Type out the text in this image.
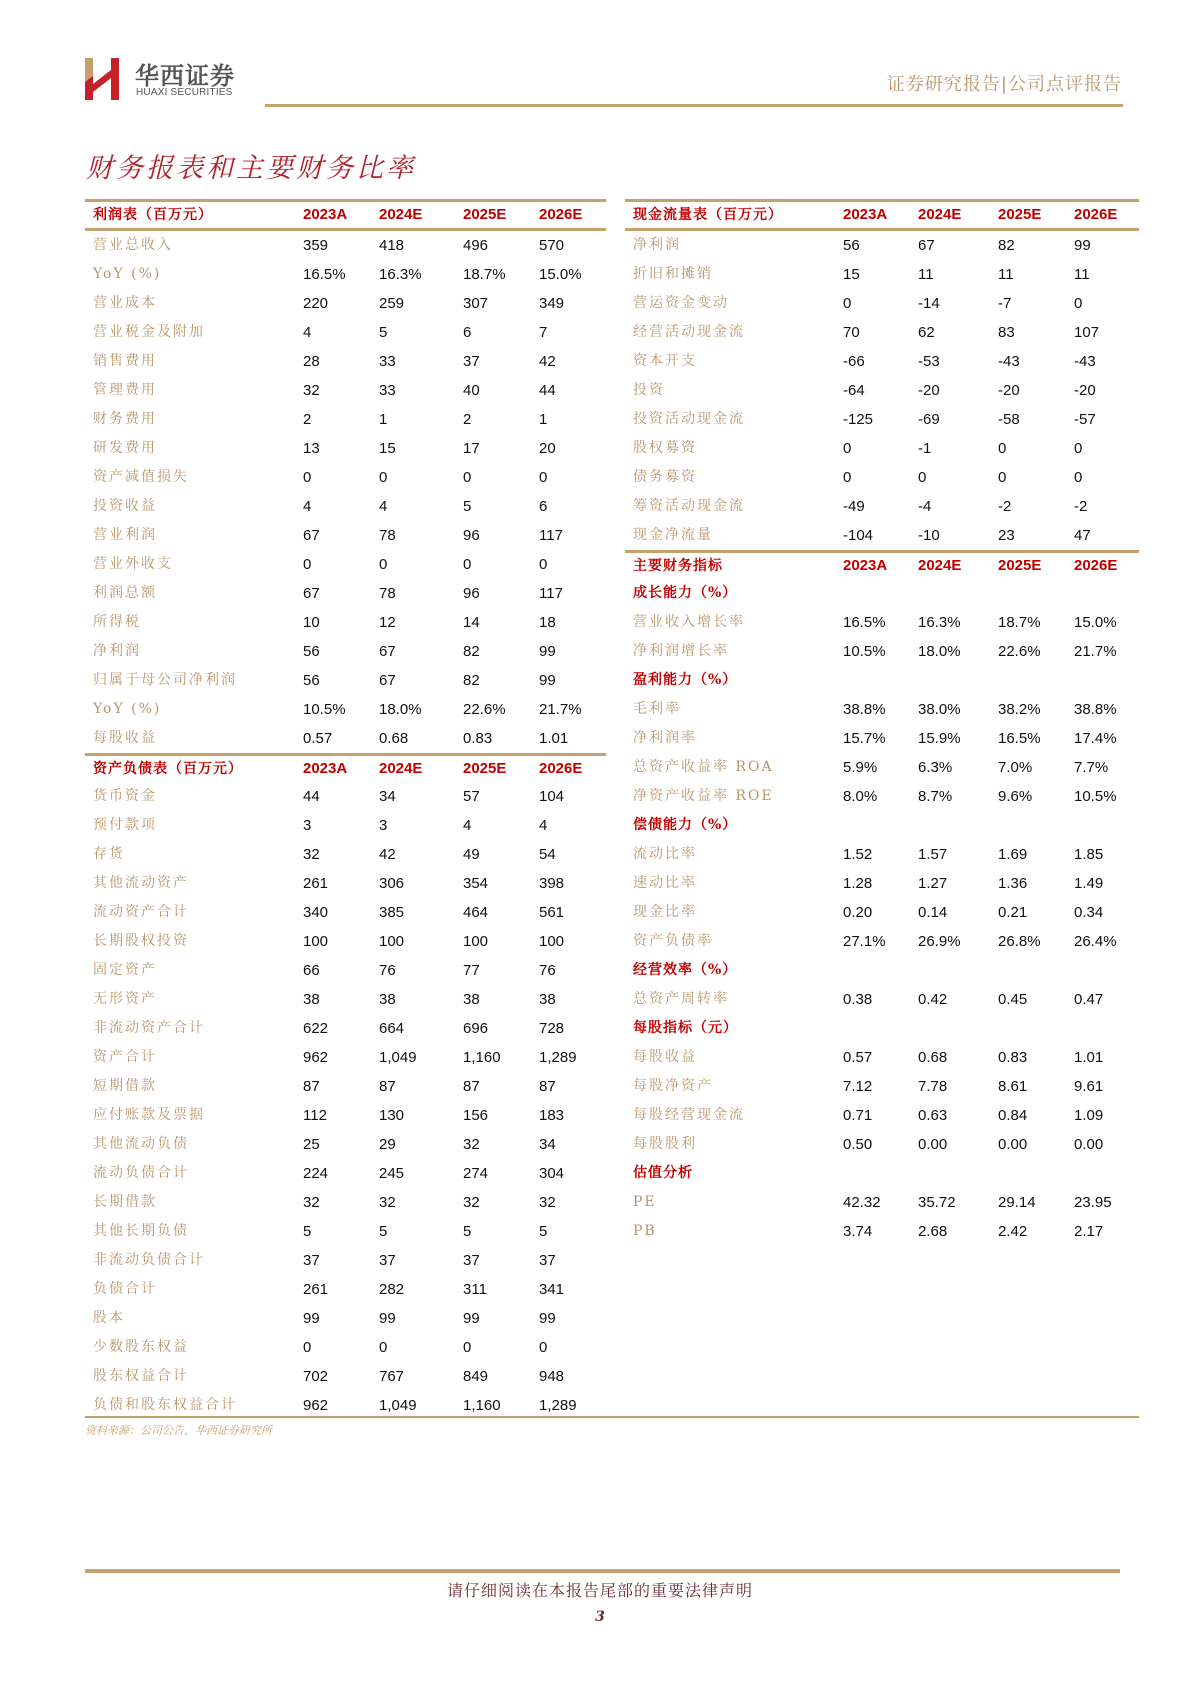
华西证券
HUAXI SECURITIES	证券研究报告|公司点评报告
财务报表和主要财务比率
利润表（百万元）	2023A 2024E	2025E 2026E
营业总收入	359	418	496	570
YoY (%)	16.5% 16.3%	18.7% 15.0%
营业成本	220	259	307	349
营业税金及附加	4	5	6	7
销售费用	28	33	37	42
管理费用	32	33	40	44
财务费用	2	1	2	1
研发费用	13	15	17	20
资产减值损失	0	0	0	0
投资收益	4	4	5	6
营业利润	67	78	96	117
营业外收支	0	0	0	0
利润总额	67	78	96	117
所得税	10	12	14	18
净利润	56	67	82	99
归属于母公司净利润	56	67	82	99
YoY (%)	10.5% 18.0%	22.6% 21.7%
每股收益	0.57	0.68	0.83	1.01
资产负债表（百万元）	2023A 2024E	2025E 2026E
货币资金	44	34	57	104
预付款项	3	3	4	4
存货	32	42	49	54
其他流动资产	261	306	354	398
流动资产合计	340	385	464	561
长期股权投资	100	100	100	100
固定资产	66	76	77	76
无形资产	38	38	38	38
非流动资产合计	622	664	696	728
资产合计	962	1,049	1,160	1,289
短期借款	87	87	87	87
应付账款及票据	112	130	156	183
其他流动负债	25	29	32	34
流动负债合计	224	245	274	304
长期借款	32	32	32	32
其他长期负债	5	5	5	5
非流动负债合计	37	37	37	37
负债合计	261	282	311	341
股本	99	99	99	99
少数股东权益	0	0	0	0
股东权益合计	702	767	849	948
负债和股东权益合计	962	1,049	1,160	1,289
现金流量表（百万元）	2023A 2024E 2025E 2026E
净利润	56	67	82	99
折旧和摊销	15	11	11	11
营运资金变动	0	-14	-7	0
经营活动现金流	70	62	83	107
资本开支	-66	-53	-43	-43
投资	-64	-20	-20	-20
投资活动现金流	-125	-69	-58	-57
股权募资	0	-1	0	0
债务募资	0	0	0	0
筹资活动现金流	-49	-4	-2	-2
现金净流量	-104	-10	23	47
主要财务指标	2023A 2024E 2025E 2026E
成长能力（%）
营业收入增长率	16.5% 16.3% 18.7% 15.0%
净利润增长率	10.5% 18.0% 22.6% 21.7%
盈利能力（%）
毛利率	38.8% 38.0% 38.2% 38.8%
净利润率	15.7% 15.9% 16.5% 17.4%
总资产收益率 ROA	5.9%	6.3%	7.0%	7.7%
净资产收益率 ROE	8.0%	8.7%	9.6%	10.5%
偿债能力（%）
流动比率	1.52	1.57	1.69	1.85
速动比率	1.28	1.27	1.36	1.49
现金比率	0.20	0.14	0.21	0.34
资产负债率	27.1% 26.9% 26.8% 26.4%
经营效率（%）
总资产周转率	0.38	0.42	0.45	0.47
每股指标（元）
每股收益	0.57	0.68	0.83	1.01
每股净资产	7.12	7.78	8.61	9.61
每股经营现金流	0.71	0.63	0.84	1.09
每股股利	0.50	0.00	0.00	0.00
估值分析
PE	42.32 35.72	29.14	23.95
PB	3.74	2.68	2.42	2.17
资料来源：公司公告，华西证券研究所
请仔细阅读在本报告尾部的重要法律声明
3
